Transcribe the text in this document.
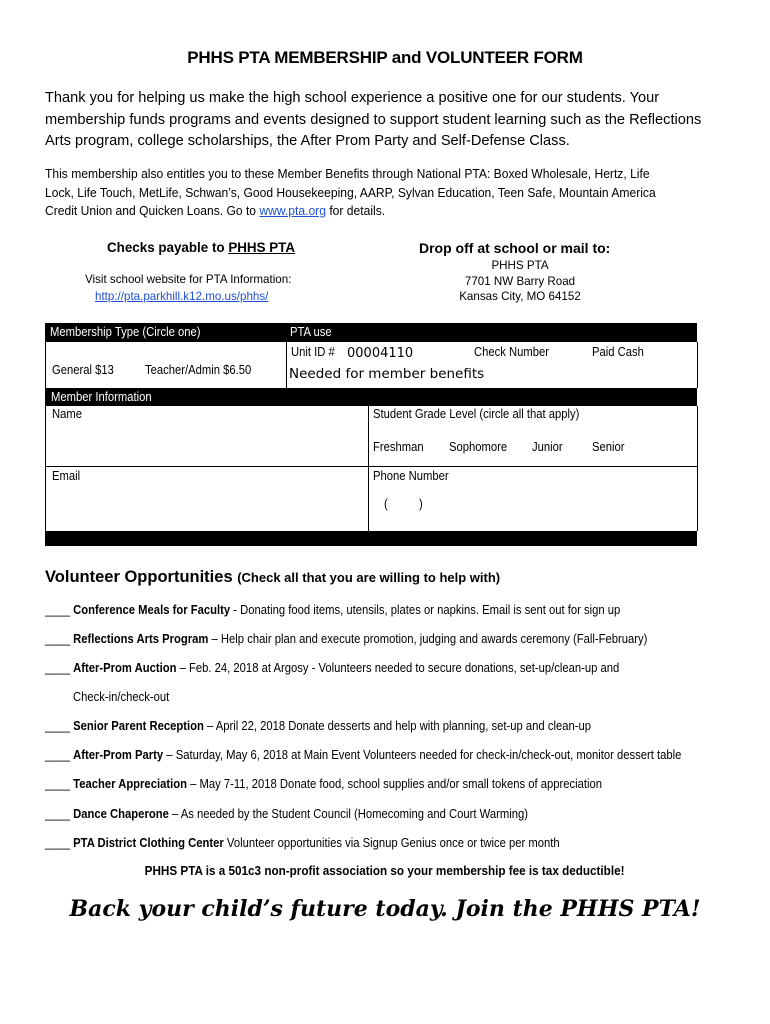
PHHS PTA MEMBERSHIP and VOLUNTEER FORM
Thank you for helping us make the high school experience a positive one for our students. Your membership funds programs and events designed to support student learning such as the Reflections Arts program, college scholarships, the After Prom Party and Self-Defense Class.
This membership also entitles you to these Member Benefits through National PTA: Boxed Wholesale, Hertz, Life Lock, Life Touch, MetLife, Schwan’s, Good Housekeeping, AARP, Sylvan Education, Teen Safe, Mountain America Credit Union and Quicken Loans. Go to www.pta.org for details.
Checks payable to PHHS PTA
Visit school website for PTA Information:
http://pta.parkhill.k12.mo.us/phhs/
Drop off at school or mail to:
PHHS PTA
7701 NW Barry Road
Kansas City, MO 64152
Membership Type (Circle one)	PTA use
General $13 Teacher/Admin $6.50
Unit ID # 00004110	Check Number	Paid Cash
Needed for member benefits
Member Information
Name	Student Grade Level (circle all that apply)
Freshman Sophomore Junior Senior
Email	Phone Number
(          )
Volunteer Opportunities (Check all that you are willing to help with)
____ Conference Meals for Faculty - Donating food items, utensils, plates or napkins. Email is sent out for sign up
____ Reflections Arts Program – Help chair plan and execute promotion, judging and awards ceremony (Fall-February)
____ After-Prom Auction – Feb. 24, 2018 at Argosy - Volunteers needed to secure donations, set-up/clean-up and
Check-in/check-out
____ Senior Parent Reception – April 22, 2018 Donate desserts and help with planning, set-up and clean-up
____ After-Prom Party – Saturday, May 6, 2018 at Main Event Volunteers needed for check-in/check-out, monitor dessert table
____ Teacher Appreciation – May 7-11, 2018 Donate food, school supplies and/or small tokens of appreciation
____ Dance Chaperone – As needed by the Student Council (Homecoming and Court Warming)
____ PTA District Clothing Center Volunteer opportunities via Signup Genius once or twice per month
PHHS PTA is a 501c3 non-profit association so your membership fee is tax deductible!
Back your child’s future today. Join the PHHS PTA!
